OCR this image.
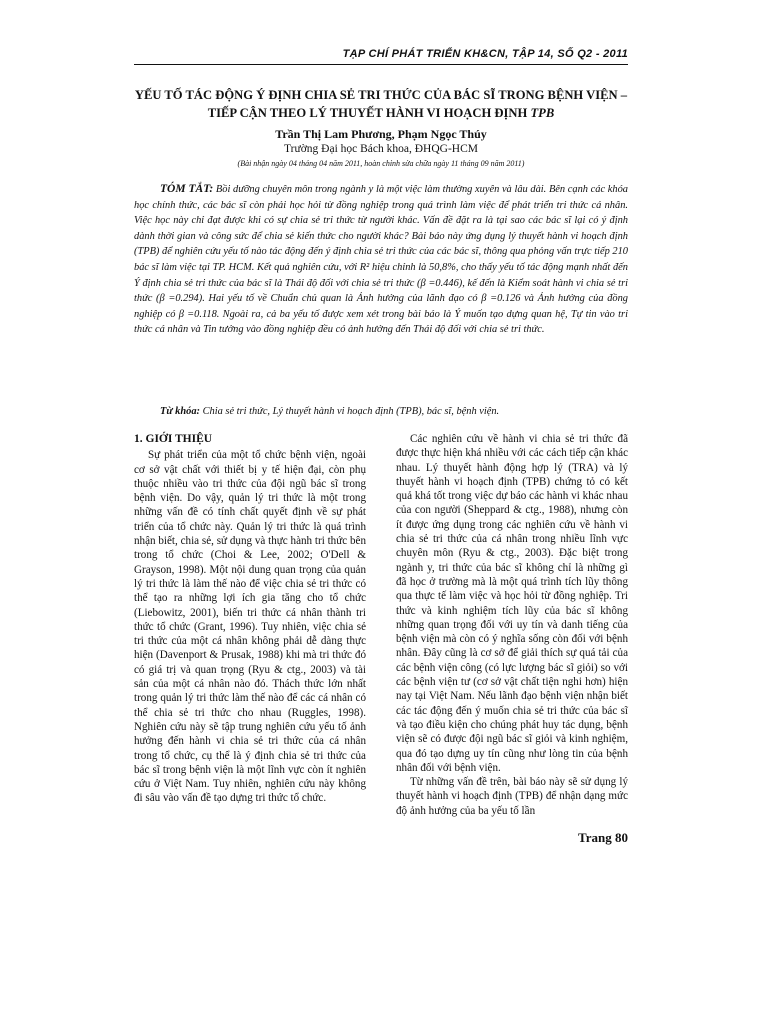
TẠP CHÍ PHÁT TRIỂN KH&CN, TẬP 14, SỐ Q2 - 2011
YẾU TỐ TÁC ĐỘNG Ý ĐỊNH CHIA SẺ TRI THỨC CỦA BÁC SĨ TRONG BỆNH VIỆN –TIẾP CẬN THEO LÝ THUYẾT HÀNH VI HOẠCH ĐỊNH TPB
Trần Thị Lam Phương, Phạm Ngọc Thúy
Trường Đại học Bách khoa, ĐHQG-HCM
(Bài nhận ngày 04 tháng 04 năm 2011, hoàn chỉnh sửa chữa ngày 11 tháng 09 năm 2011)

TÓM TẮT: Bồi dưỡng chuyên môn trong ngành y là một việc làm thường xuyên và lâu dài. Bên cạnh các khóa học chính thức, các bác sĩ còn phải học hỏi từ đồng nghiệp trong quá trình làm việc để phát triển tri thức cá nhân. Việc học này chỉ đạt được khi có sự chia sẻ tri thức từ người khác. Vấn đề đặt ra là tại sao các bác sĩ lại có ý định dành thời gian và công sức để chia sẻ kiến thức cho người khác? Bài báo này ứng dụng lý thuyết hành vi hoạch định (TPB) để nghiên cứu yếu tố nào tác động đến ý định chia sẻ tri thức của các bác sĩ, thông qua phỏng vấn trực tiếp 210 bác sĩ làm việc tại TP. HCM. Kết quả nghiên cứu, với R² hiệu chỉnh là 50,8%, cho thấy yếu tố tác động mạnh nhất đến Ý định chia sẻ tri thức của bác sĩ là Thái độ đối với chia sẻ tri thức (β =0.446), kế đến là Kiểm soát hành vi chia sẻ tri thức (β =0.294). Hai yếu tố về Chuẩn chủ quan là Ảnh hưởng của lãnh đạo có β =0.126 và Ảnh hưởng của đồng nghiệp có β =0.118. Ngoài ra, cả ba yếu tố được xem xét trong bài báo là Ý muốn tạo dựng quan hệ, Tự tin vào tri thức cá nhân và Tin tưởng vào đồng nghiệp đều có ảnh hưởng đến Thái độ đối với chia sẻ tri thức.

Từ khóa: Chia sẻ tri thức, Lý thuyết hành vi hoạch định (TPB), bác sĩ, bệnh viện.
1. GIỚI THIỆU

Sự phát triển của một tổ chức bệnh viện, ngoài cơ sở vật chất với thiết bị y tế hiện đại, còn phụ thuộc nhiều vào tri thức của đội ngũ bác sĩ trong bệnh viện. Do vậy, quản lý tri thức là một trong những vấn đề có tính chất quyết định về sự phát triển của tổ chức này. Quản lý tri thức là quá trình nhận biết, chia sẻ, sử dụng và thực hành tri thức bên trong tổ chức (Choi & Lee, 2002; O'Dell & Grayson, 1998). Một nội dung quan trọng của quản lý tri thức là làm thế nào để việc chia sẻ tri thức có thể tạo ra những lợi ích gia tăng cho tổ chức (Liebowitz, 2001), biến tri thức cá nhân thành tri thức tổ chức (Grant, 1996). Tuy nhiên, việc chia sẻ tri thức của một cá nhân không phải dễ dàng thực hiện (Davenport & Prusak, 1988) khi mà tri thức đó có giá trị và quan trọng (Ryu & ctg., 2003) và tài sản của một cá nhân nào đó. Thách thức lớn nhất trong quản lý tri thức làm thế nào để các cá nhân có thể chia sẻ tri thức cho nhau (Ruggles, 1998). Nghiên cứu này sẽ tập trung nghiên cứu yếu tố ảnh hưởng đến hành vi chia sẻ tri thức của cá nhân trong tổ chức, cụ thể là ý định chia sẻ tri thức của bác sĩ trong bệnh viện là một lĩnh vực còn ít nghiên cứu ở Việt Nam. Tuy nhiên, nghiên cứu này không đi sâu vào vấn đề tạo dựng tri thức tổ chức.

Các nghiên cứu về hành vi chia sẻ tri thức đã được thực hiện khá nhiều với các cách tiếp cận khác nhau. Lý thuyết hành động hợp lý (TRA) và lý thuyết hành vi hoạch định (TPB) chứng tỏ có kết quả khá tốt trong việc dự báo các hành vi khác nhau của con người (Sheppard & ctg., 1988), nhưng còn ít được ứng dụng trong các nghiên cứu về hành vi chia sẻ tri thức của cá nhân trong nhiều lĩnh vực chuyên môn (Ryu & ctg., 2003). Đặc biệt trong ngành y, tri thức của bác sĩ không chỉ là những gì đã học ở trường mà là một quá trình tích lũy thông qua thực tế làm việc và học hỏi từ đồng nghiệp. Tri thức và kinh nghiệm tích lũy của bác sĩ không những quan trọng đối với uy tín và danh tiếng của bệnh viện mà còn có ý nghĩa sống còn đối với bệnh nhân. Đây cũng là cơ sở để giải thích sự quá tải của các bệnh viện công (có lực lượng bác sĩ giỏi) so với các bệnh viện tư (cơ sở vật chất tiện nghi hơn) hiện nay tại Việt Nam. Nếu lãnh đạo bệnh viện nhận biết các tác động đến ý muốn chia sẻ tri thức của bác sĩ và tạo điều kiện cho chúng phát huy tác dụng, bệnh viện sẽ có được đội ngũ bác sĩ giỏi và kinh nghiệm, qua đó tạo dựng uy tín cũng như lòng tin của bệnh nhân đối với bệnh viện.

Từ những vấn đề trên, bài báo này sẽ sử dụng lý thuyết hành vi hoạch định (TPB) để nhận dạng mức độ ảnh hưởng của ba yếu tố lần

Trang 80
